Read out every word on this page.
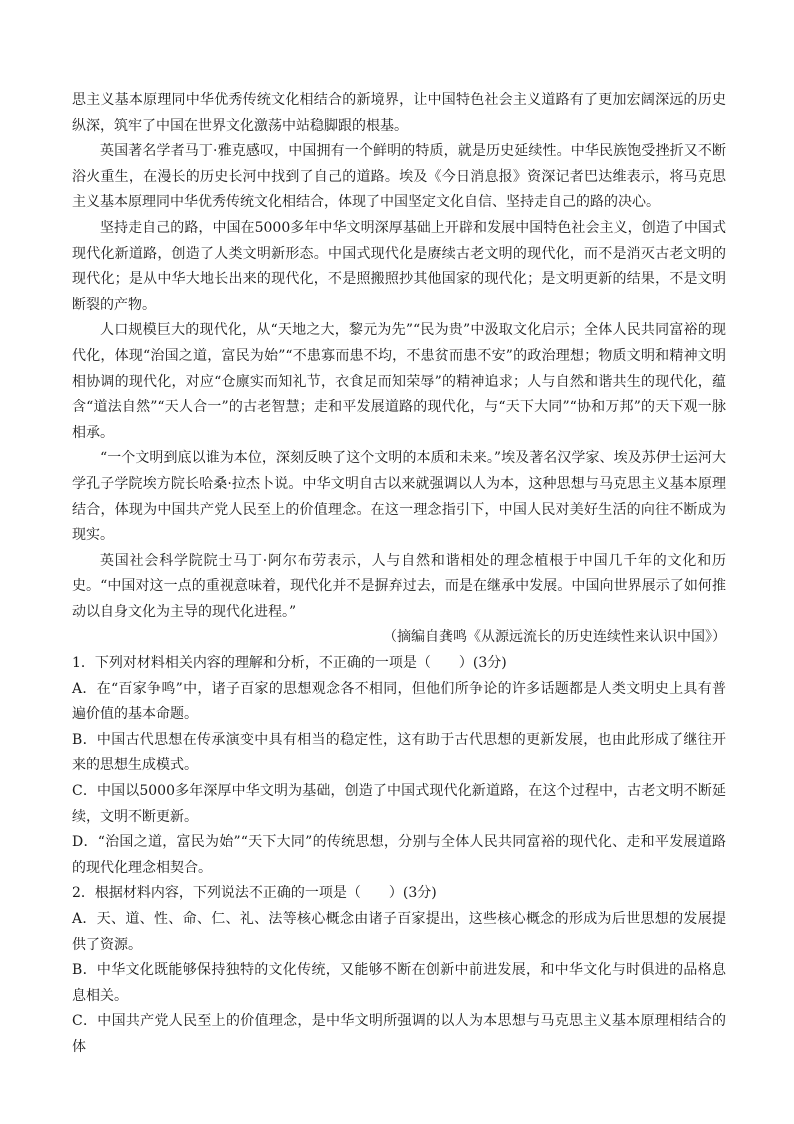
思主义基本原理同中华优秀传统文化相结合的新境界，让中国特色社会主义道路有了更加宏阔深远的历史纵深，筑牢了中国在世界文化激荡中站稳脚跟的根基。

英国著名学者马丁·雅克感叹，中国拥有一个鲜明的特质，就是历史延续性。中华民族饱受挫折又不断浴火重生，在漫长的历史长河中找到了自己的道路。埃及《今日消息报》资深记者巴达维表示，将马克思主义基本原理同中华优秀传统文化相结合，体现了中国坚定文化自信、坚持走自己的路的决心。

坚持走自己的路，中国在5000多年中华文明深厚基础上开辟和发展中国特色社会主义，创造了中国式现代化新道路，创造了人类文明新形态。中国式现代化是赓续古老文明的现代化，而不是消灭古老文明的现代化；是从中华大地长出来的现代化，不是照搬照抄其他国家的现代化；是文明更新的结果，不是文明断裂的产物。

人口规模巨大的现代化，从“天地之大，黎元为先”“民为贵”中汲取文化启示；全体人民共同富裕的现代化，体现“治国之道，富民为始”“不患寡而患不均，不患贫而患不安”的政治理想；物质文明和精神文明相协调的现代化，对应“仓廪实而知礼节，衣食足而知荣辱”的精神追求；人与自然和谐共生的现代化，蕴含“道法自然”“天人合一”的古老智慧；走和平发展道路的现代化，与“天下大同”“协和万邦”的天下观一脉相承。

“一个文明到底以谁为本位，深刻反映了这个文明的本质和未来。”埃及著名汉学家、埃及苏伊士运河大学孔子学院埃方院长哈桑·拉杰卜说。中华文明自古以来就强调以人为本，这种思想与马克思主义基本原理结合，体现为中国共产党人民至上的价值理念。在这一理念指引下，中国人民对美好生活的向往不断成为现实。

英国社会科学院院士马丁·阿尔布劳表示，人与自然和谐相处的理念植根于中国几千年的文化和历史。“中国对这一点的重视意味着，现代化并不是摒弃过去，而是在继承中发展。中国向世界展示了如何推动以自身文化为主导的现代化进程。”

（摘编自龚鸣《从源远流长的历史连续性来认识中国》）

1．下列对材料相关内容的理解和分析，不正确的一项是（　　）(3分)

A．在“百家争鸣”中，诸子百家的思想观念各不相同，但他们所争论的许多话题都是人类文明史上具有普遍价值的基本命题。

B．中国古代思想在传承演变中具有相当的稳定性，这有助于古代思想的更新发展，也由此形成了继往开来的思想生成模式。

C．中国以5000多年深厚中华文明为基础，创造了中国式现代化新道路，在这个过程中，古老文明不断延续，文明不断更新。

D．“治国之道，富民为始”“天下大同”的传统思想，分别与全体人民共同富裕的现代化、走和平发展道路的现代化理念相契合。

2．根据材料内容，下列说法不正确的一项是（　　）(3分)

A．天、道、性、命、仁、礼、法等核心概念由诸子百家提出，这些核心概念的形成为后世思想的发展提供了资源。

B．中华文化既能够保持独特的文化传统，又能够不断在创新中前进发展，和中华文化与时俱进的品格息息相关。

C．中国共产党人民至上的价值理念，是中华文明所强调的以人为本思想与马克思主义基本原理相结合的体
